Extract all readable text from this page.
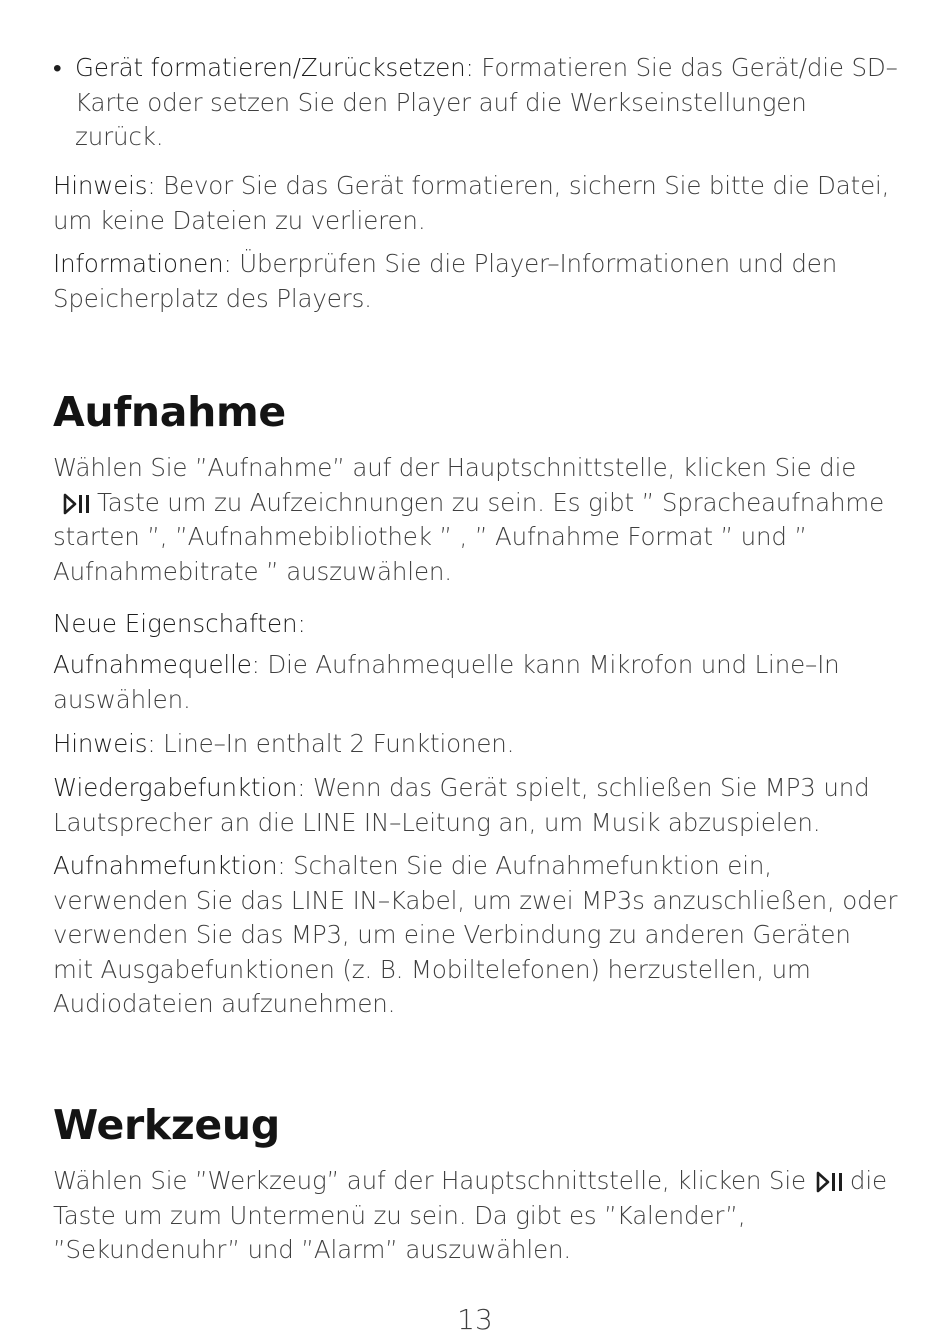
• Gerät formatieren/Zurücksetzen: Formatieren Sie das Gerät/die SD–Karte oder setzen Sie den Player auf die Werkseinstellungen zurück.

Hinweis: Bevor Sie das Gerät formatieren, sichern Sie bitte die Datei, um keine Dateien zu verlieren.

Informationen: Überprüfen Sie die Player–Informationen und den Speicherplatz des Players.

Aufnahme

Wählen Sie ”Aufnahme” auf der Hauptschnittstelle, klicken Sie die

Taste um zu Aufzeichnungen zu sein. Es gibt ” Spracheaufnahme starten ”, ”Aufnahmebibliothek ” , ” Aufnahme Format ” und ” Aufnahmebitrate ” auszuwählen.

Neue Eigenschaften:

Aufnahmequelle: Die Aufnahmequelle kann Mikrofon und Line–In auswählen.

Hinweis: Line–In enthalt 2 Funktionen.

Wiedergabefunktion: Wenn das Gerät spielt, schließen Sie MP3 und Lautsprecher an die LINE IN–Leitung an, um Musik abzuspielen.

Aufnahmefunktion: Schalten Sie die Aufnahmefunktion ein, verwenden Sie das LINE IN–Kabel, um zwei MP3s anzuschließen, oder verwenden Sie das MP3, um eine Verbindung zu anderen Geräten mit Ausgabefunktionen (z. B. Mobiltelefonen) herzustellen, um Audiodateien aufzunehmen.

Werkzeug

Wählen Sie ”Werkzeug” auf der Hauptschnittstelle, klicken Sie die Taste um zum Untermenü zu sein. Da gibt es ”Kalender”, ”Sekundenuhr” und ”Alarm” auszuwählen.

13
